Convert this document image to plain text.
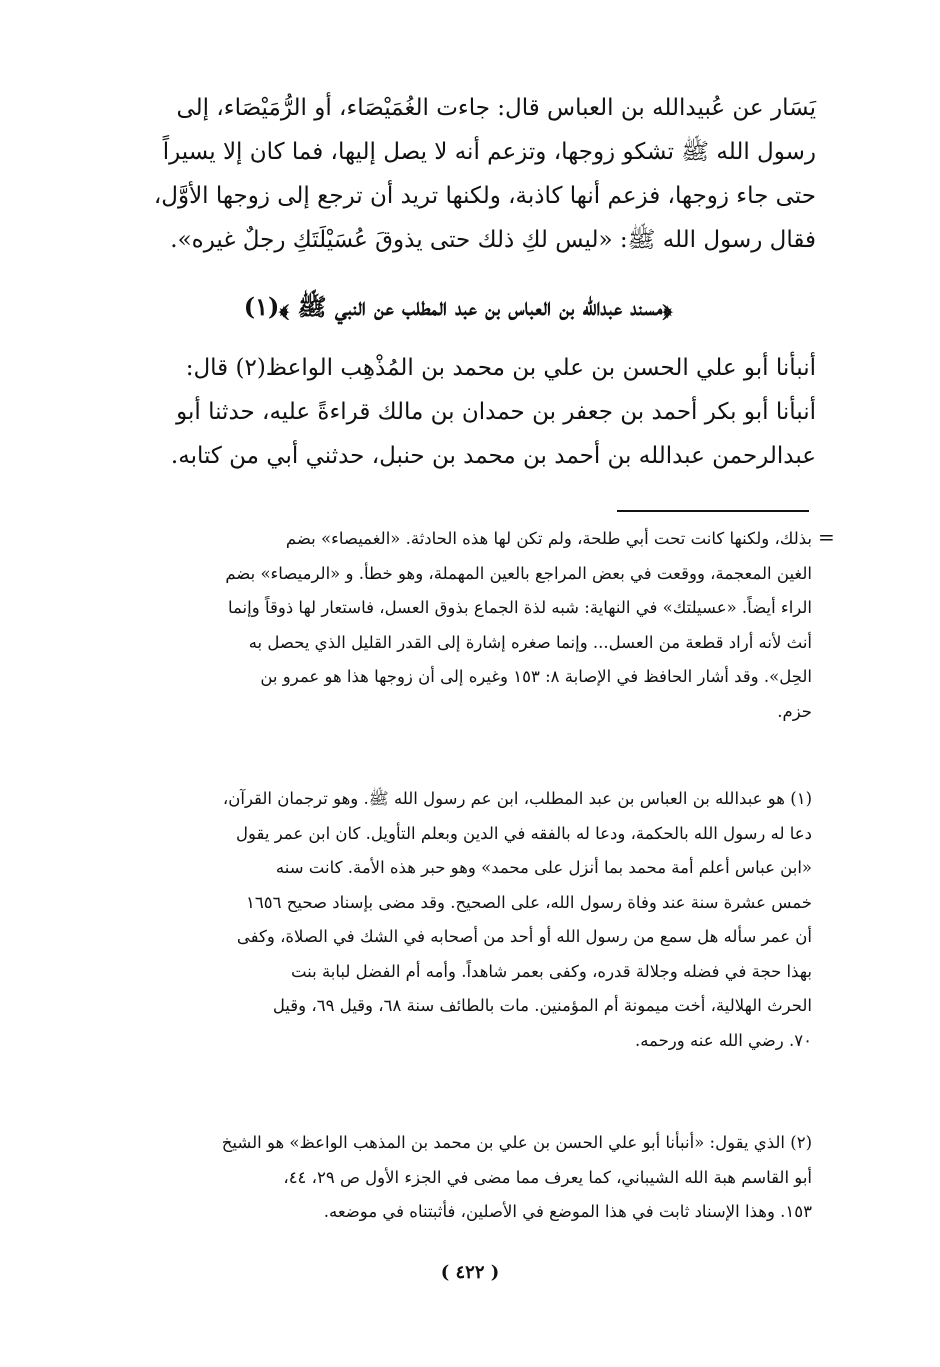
يَسَار عن عُبيدالله بن العباس قال: جاءت الغُمَيْصَاء، أو الرُّمَيْصَاء، إلى

رسول الله ﷺ تشكو زوجها، وتزعم أنه لا يصل إليها، فما كان إلا يسيراً

حتى جاء زوجها، فزعم أنها كاذبة، ولكنها تريد أن ترجع إلى زوجها الأوَّل،

فقال رسول الله ﷺ: «ليس لكِ ذلك حتى يذوقَ عُسَيْلَتَكِ رجلٌ غيره».

﴿مسند عبدالله بن العباس بن عبد المطلب عن النبي ﷺ ﴾(١)

أنبأنا أبو علي الحسن بن علي بن محمد بن المُذْهِب الواعظ(٢) قال:

أنبأنا أبو بكر أحمد بن جعفر بن حمدان بن مالك قراءةً عليه، حدثنا أبو

عبدالرحمن عبدالله بن أحمد بن محمد بن حنبل، حدثني أبي من كتابه.

=

بذلك، ولكنها كانت تحت أبي طلحة، ولم تكن لها هذه الحادثة. «الغميصاء» بضم

الغين المعجمة، ووقعت في بعض المراجع بالعين المهملة، وهو خطأ. و «الرميصاء» بضم

الراء أيضاً. «عسيلتك» في النهاية: شبه لذة الجماع بذوق العسل، فاستعار لها ذوقاً وإنما

أنث لأنه أراد قطعة من العسل... وإنما صغره إشارة إلى القدر القليل الذي يحصل به

الحِل». وقد أشار الحافظ في الإصابة ٨: ١٥٣ وغيره إلى أن زوجها هذا هو عمرو بن

حزم.

(١) هو عبدالله بن العباس بن عبد المطلب، ابن عم رسول الله ﷺ. وهو ترجمان القرآن،

دعا له رسول الله بالحكمة، ودعا له بالفقه في الدين وبعلم التأويل. كان ابن عمر يقول

«ابن عباس أعلم أمة محمد بما أنزل على محمد» وهو حبر هذه الأمة. كانت سنه

خمس عشرة سنة عند وفاة رسول الله، على الصحيح. وقد مضى بإسناد صحيح ١٦٥٦

أن عمر سأله هل سمع من رسول الله أو أحد من أصحابه في الشك في الصلاة، وكفى

بهذا حجة في فضله وجلالة قدره، وكفى بعمر شاهداً. وأمه أم الفضل لبابة بنت

الحرث الهلالية، أخت ميمونة أم المؤمنين. مات بالطائف سنة ٦٨، وقيل ٦٩، وقيل

٧٠. رضي الله عنه ورحمه.

(٢) الذي يقول: «أنبأنا أبو علي الحسن بن علي بن محمد بن المذهب الواعظ» هو الشيخ

أبو القاسم هبة الله الشيباني، كما يعرف مما مضى في الجزء الأول ص ٢٩، ٤٤،

١٥٣. وهذا الإسناد ثابت في هذا الموضع في الأصلين، فأثبتناه في موضعه.

( ٤٢٢ )
